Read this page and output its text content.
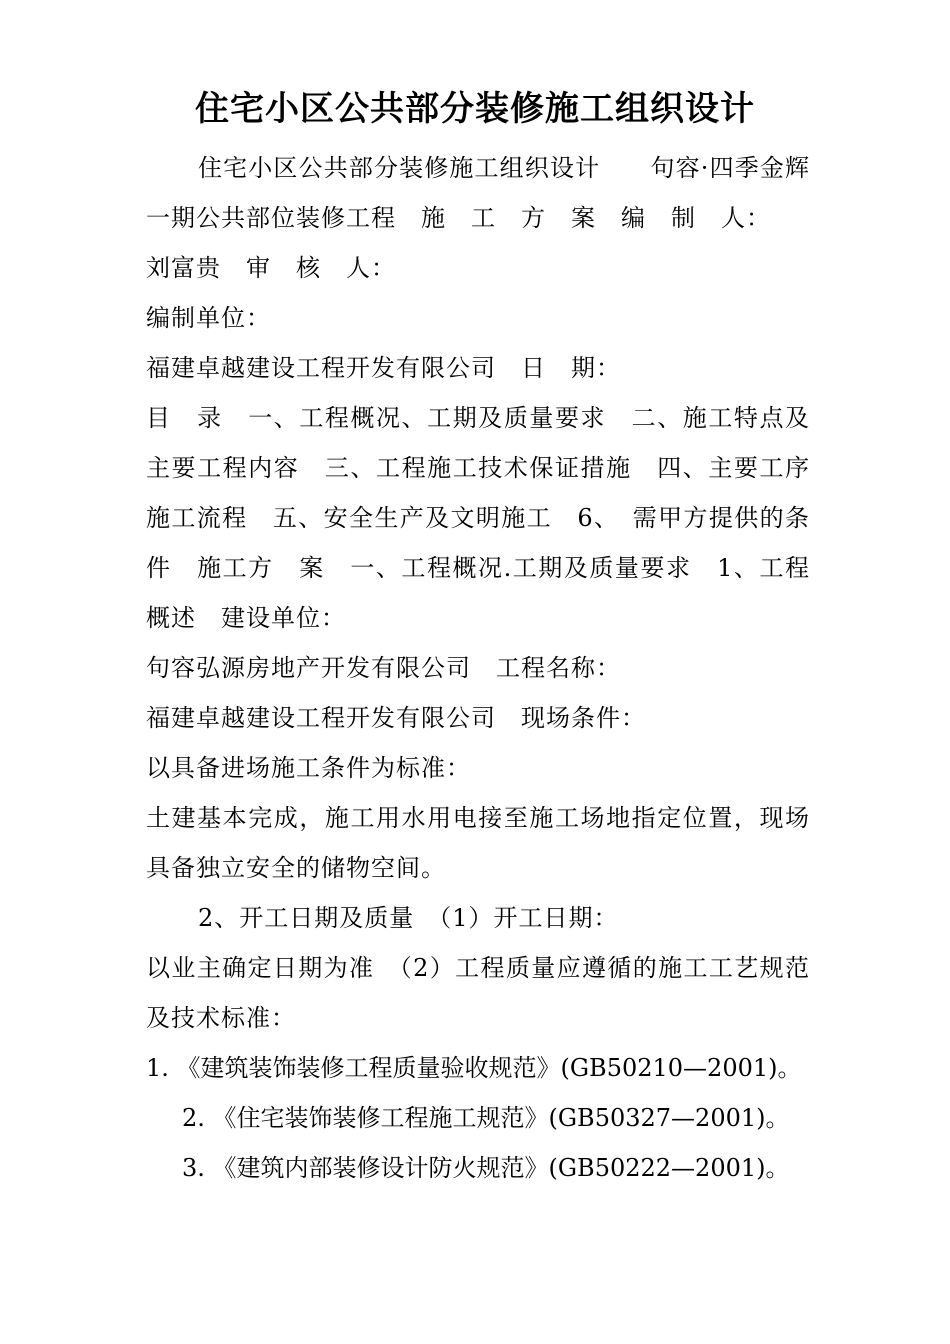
住宅小区公共部分装修施工组织设计

住宅小区公共部分装修施工组织设计　　句容·四季金辉一期公共部位装修工程　施　工　方　案　编　制　人：

刘富贵　审　核　人：

编制单位：

福建卓越建设工程开发有限公司　日　期：

目　录　一、工程概况、工期及质量要求　二、施工特点及主要工程内容　三、工程施工技术保证措施　四、主要工序施工流程　五、安全生产及文明施工　6、　需甲方提供的条件　施工方　案　一、工程概况.工期及质量要求　1、工程概述　建设单位：

句容弘源房地产开发有限公司　工程名称：

福建卓越建设工程开发有限公司　现场条件：

以具备进场施工条件为标准：

土建基本完成，施工用水用电接至施工场地指定位置，现场具备独立安全的储物空间。

2、开工日期及质量　（1）开工日期：

以业主确定日期为准　（2）工程质量应遵循的施工工艺规范及技术标准：

1. 《建筑装饰装修工程质量验收规范》(GB50210—2001)。

2. 《住宅装饰装修工程施工规范》(GB50327—2001)。

3. 《建筑内部装修设计防火规范》(GB50222—2001)。
